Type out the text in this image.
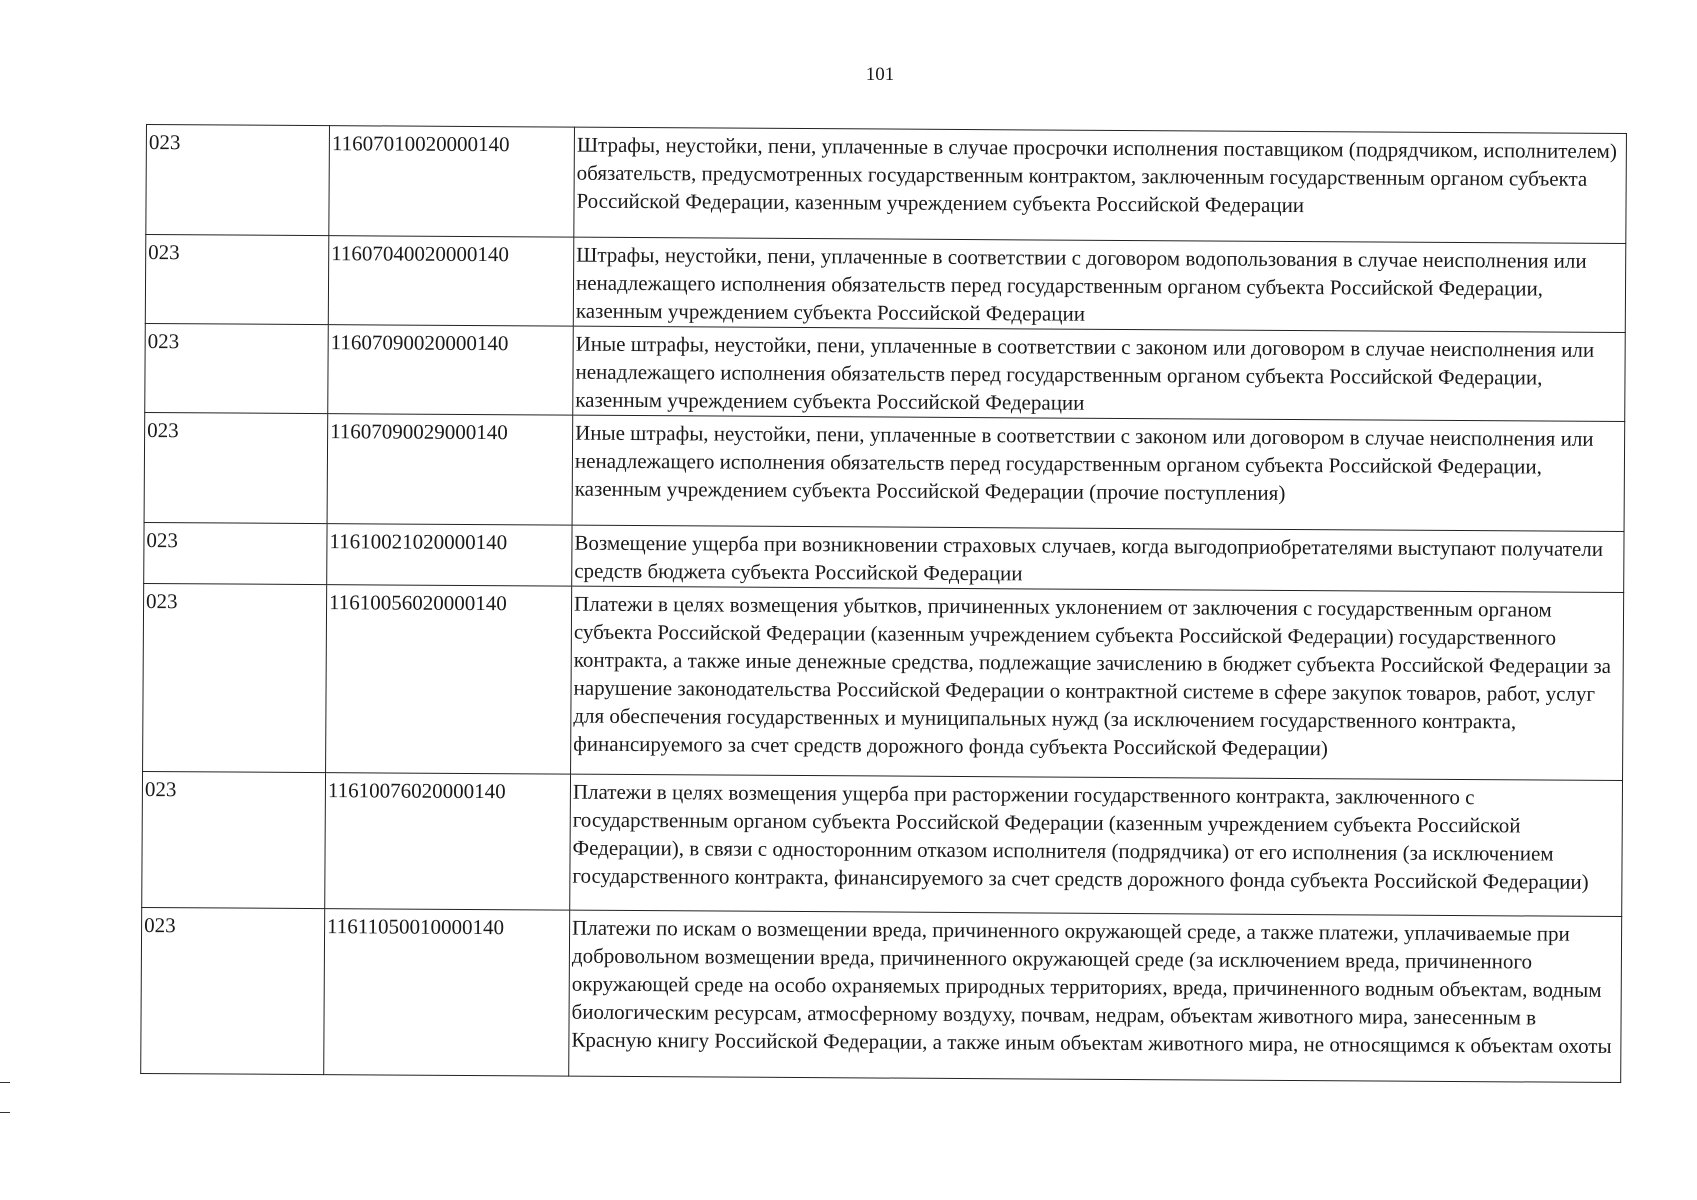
101
023	11607010020000140	Штрафы, неустойки, пени, уплаченные в случае просрочки исполнения поставщиком (подрядчиком, исполнителем) обязательств, предусмотренных государственным контрактом, заключенным государственным органом субъекта Российской Федерации, казенным учреждением субъекта Российской Федерации
023	11607040020000140	Штрафы, неустойки, пени, уплаченные в соответствии с договором водопользования в случае неисполнения или ненадлежащего исполнения обязательств перед государственным органом субъекта Российской Федерации, казенным учреждением субъекта Российской Федерации
023	11607090020000140	Иные штрафы, неустойки, пени, уплаченные в соответствии с законом или договором в случае неисполнения или ненадлежащего исполнения обязательств перед государственным органом субъекта Российской Федерации, казенным учреждением субъекта Российской Федерации
023	11607090029000140	Иные штрафы, неустойки, пени, уплаченные в соответствии с законом или договором в случае неисполнения или ненадлежащего исполнения обязательств перед государственным органом субъекта Российской Федерации, казенным учреждением субъекта Российской Федерации (прочие поступления)
023	11610021020000140	Возмещение ущерба при возникновении страховых случаев, когда выгодоприобретателями выступают получатели средств бюджета субъекта Российской Федерации
023	11610056020000140	Платежи в целях возмещения убытков, причиненных уклонением от заключения с государственным органом субъекта Российской Федерации (казенным учреждением субъекта Российской Федерации) государственного контракта, а также иные денежные средства, подлежащие зачислению в бюджет субъекта Российской Федерации за нарушение законодательства Российской Федерации о контрактной системе в сфере закупок товаров, работ, услуг для обеспечения государственных и муниципальных нужд (за исключением государственного контракта, финансируемого за счет средств дорожного фонда субъекта Российской Федерации)
023	11610076020000140	Платежи в целях возмещения ущерба при расторжении государственного контракта, заключенного с государственным органом субъекта Российской Федерации (казенным учреждением субъекта Российской Федерации), в связи с односторонним отказом исполнителя (подрядчика) от его исполнения (за исключением государственного контракта, финансируемого за счет средств дорожного фонда субъекта Российской Федерации)
023	11611050010000140	Платежи по искам о возмещении вреда, причиненного окружающей среде, а также платежи, уплачиваемые при добровольном возмещении вреда, причиненного окружающей среде (за исключением вреда, причиненного окружающей среде на особо охраняемых природных территориях, вреда, причиненного водным объектам, водным биологическим ресурсам, атмосферному воздуху, почвам, недрам, объектам животного мира, занесенным в Красную книгу Российской Федерации, а также иным объектам животного мира, не относящимся к объектам охоты
